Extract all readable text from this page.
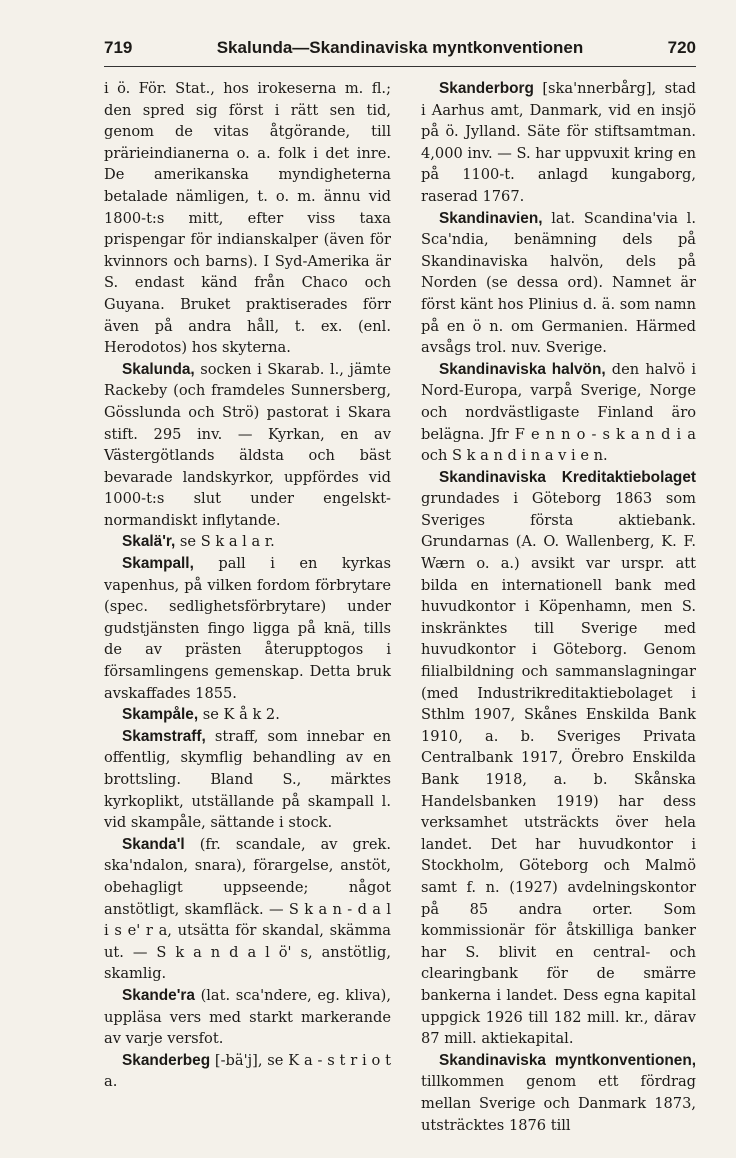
719	Skalunda—Skandinaviska myntkonventionen	720

i ö. För. Stat., hos irokeserna m. fl.; den spred sig först i rätt sen tid, genom de vitas åtgörande, till prärieindianerna o. a. folk i det inre. De amerikanska myndigheterna betalade nämligen, t. o. m. ännu vid 1800-t:s mitt, efter viss taxa prispengar för indianskalper (även för kvinnors och barns). I Syd-Amerika är S. endast känd från Chaco och Guyana. Bruket praktiserades förr även på andra håll, t. ex. (enl. Herodotos) hos skyterna.

Skalunda, socken i Skarab. l., jämte Rackeby (och framdeles Sunnersberg, Gösslunda och Strö) pastorat i Skara stift. 295 inv. — Kyrkan, en av Västergötlands äldsta och bäst bevarade landskyrkor, uppfördes vid 1000-t:s slut under engelskt-normandiskt inflytande.

Skalä'r, se S k a l a r.

Skampall, pall i en kyrkas vapenhus, på vilken fordom förbrytare (spec. sedlighetsförbrytare) under gudstjänsten fingo ligga på knä, tills de av prästen återupptogos i församlingens gemenskap. Detta bruk avskaffades 1855.

Skampåle, se K å k 2.

Skamstraff, straff, som innebar en offentlig, skymflig behandling av en brottsling. Bland S., märktes kyrkoplikt, utställande på skampall l. vid skampåle, sättande i stock.

Skanda'l (fr. scandale, av grek. ska'ndalon, snara), förargelse, anstöt, obehagligt uppseende; något anstötligt, skamfläck. — S k a n - d a l i s e' r a, utsätta för skandal, skämma ut. — S k a n d a l ö' s, anstötlig, skamlig.

Skande'ra (lat. sca'ndere, eg. kliva), uppläsa vers med starkt markerande av varje versfot.

Skanderbeg [-bä'j], se K a - s t r i o t a.

Skanderborg [ska'nnerbårg], stad i Aarhus amt, Danmark, vid en insjö på ö. Jylland. Säte för stiftsamtman. 4,000 inv. — S. har uppvuxit kring en på 1100-t. anlagd kungaborg, raserad 1767.

Skandinavien, lat. Scandina'via l. Sca'ndia, benämning dels på Skandinaviska halvön, dels på Norden (se dessa ord). Namnet är först känt hos Plinius d. ä. som namn på en ö n. om Germanien. Härmed avsågs trol. nuv. Sverige.

Skandinaviska halvön, den halvö i Nord-Europa, varpå Sverige, Norge och nordvästligaste Finland äro belägna. Jfr F e n n o - s k a n d i a och S k a n d i n a v i e n.

Skandinaviska Kreditaktiebolaget grundades i Göteborg 1863 som Sveriges första aktiebank. Grundarnas (A. O. Wallenberg, K. F. Wærn o. a.) avsikt var urspr. att bilda en internationell bank med huvudkontor i Köpenhamn, men S. inskränktes till Sverige med huvudkontor i Göteborg. Genom filialbildning och sammanslagningar (med Industrikreditaktiebolaget i Sthlm 1907, Skånes Enskilda Bank 1910, a. b. Sveriges Privata Centralbank 1917, Örebro Enskilda Bank 1918, a. b. Skånska Handelsbanken 1919) har dess verksamhet utsträckts över hela landet. Det har huvudkontor i Stockholm, Göteborg och Malmö samt f. n. (1927) avdelningskontor på 85 andra orter. Som kommissionär för åtskilliga banker har S. blivit en central- och clearingbank för de smärre bankerna i landet. Dess egna kapital uppgick 1926 till 182 mill. kr., därav 87 mill. aktiekapital.

Skandinaviska myntkonventionen, tillkommen genom ett fördrag mellan Sverige och Danmark 1873, utsträcktes 1876 till
